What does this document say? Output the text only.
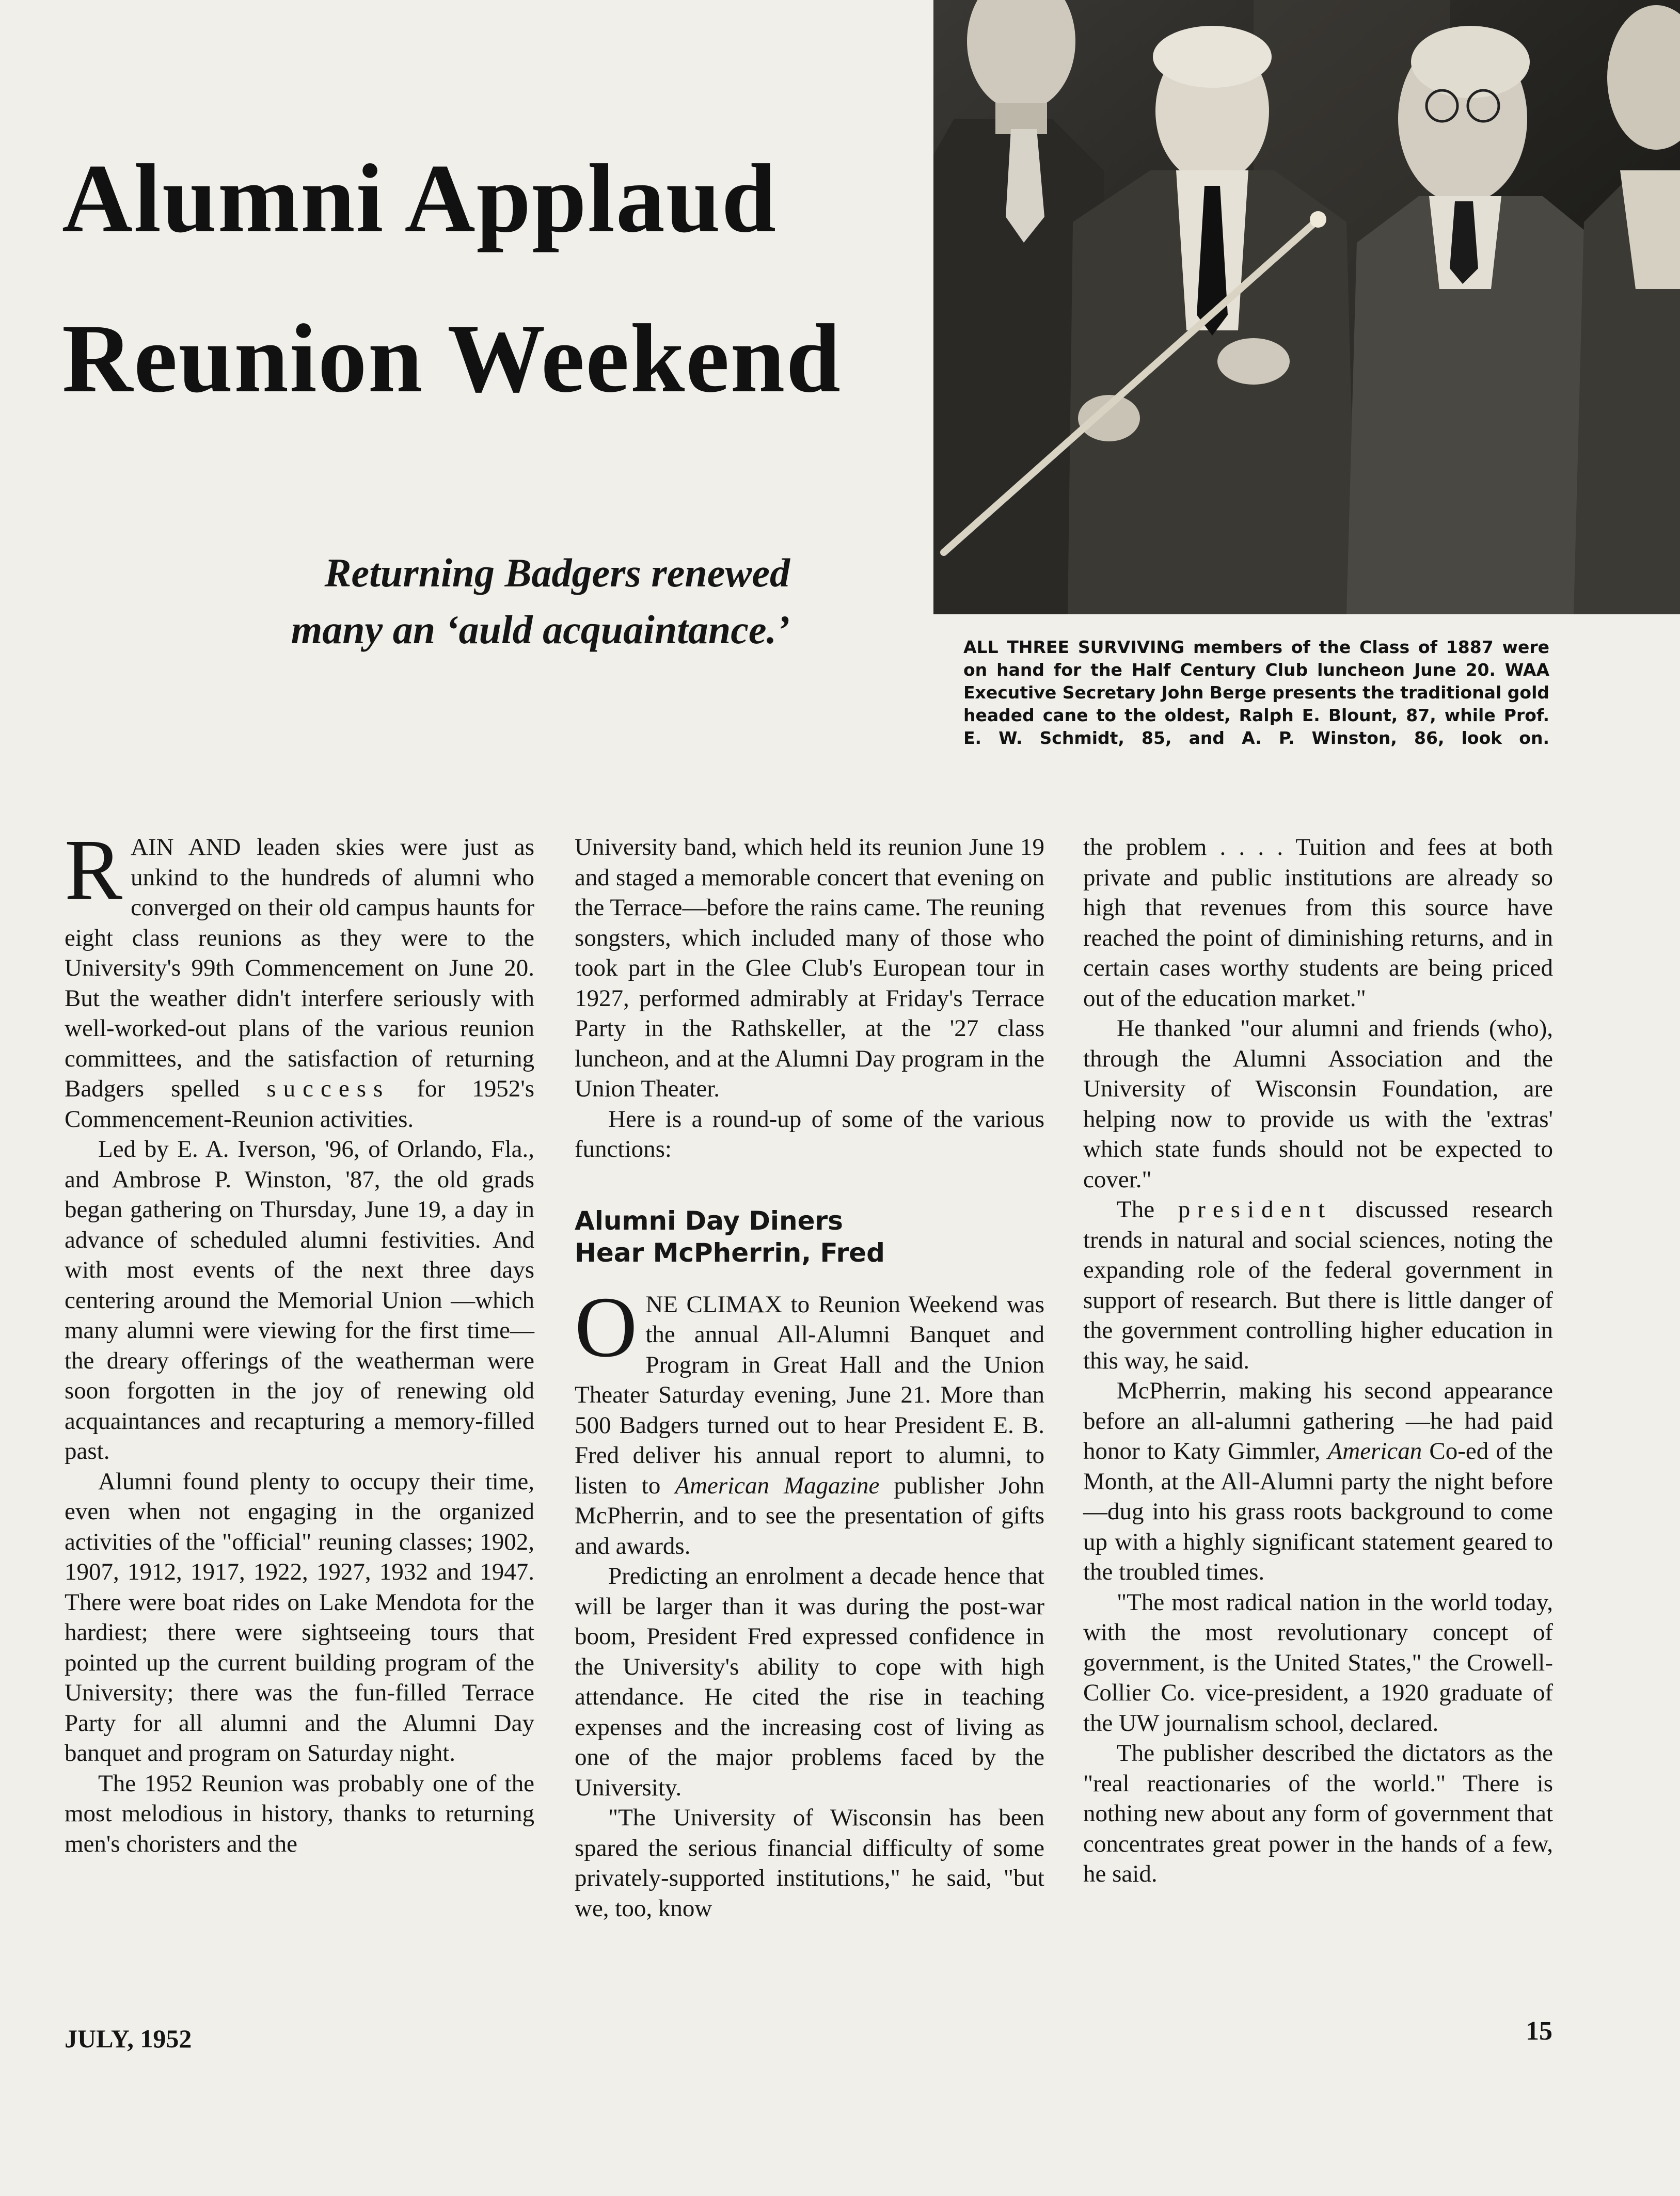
Alumni Applaud
Reunion Weekend
Returning Badgers renewed
many an ‘auld acquaintance.’	ALL THREE SURVIVING members of the Class of 1887 were on hand for the Half Century Club luncheon June 20. WAA Executive Secretary John Berge presents the traditional gold headed cane to the oldest, Ralph E. Blount, 87, while Prof. E. W. Schmidt, 85, and A. P. Winston, 86, look on.

RAIN AND leaden skies were just as unkind to the hundreds of alumni who converged on their old campus haunts for eight class reunions as they were to the University's 99th Commencement on June 20. But the weather didn't interfere seriously with well-worked-out plans of the various reunion committees, and the satisfaction of returning Badgers spelled success for 1952's Commencement-Reunion activities.

Led by E. A. Iverson, '96, of Orlando, Fla., and Ambrose P. Winston, '87, the old grads began gathering on Thursday, June 19, a day in advance of scheduled alumni festivities. And with most events of the next three days centering around the Memorial Union —which many alumni were viewing for the first time—the dreary offerings of the weatherman were soon forgotten in the joy of renewing old acquaintances and recapturing a memory-filled past.

Alumni found plenty to occupy their time, even when not engaging in the organized activities of the "official" reuning classes; 1902, 1907, 1912, 1917, 1922, 1927, 1932 and 1947. There were boat rides on Lake Mendota for the hardiest; there were sightseeing tours that pointed up the current building program of the University; there was the fun-filled Terrace Party for all alumni and the Alumni Day banquet and program on Saturday night.

The 1952 Reunion was probably one of the most melodious in history, thanks to returning men's choristers and the

University band, which held its reunion June 19 and staged a memorable concert that evening on the Terrace—before the rains came. The reuning songsters, which included many of those who took part in the Glee Club's European tour in 1927, performed admirably at Friday's Terrace Party in the Rathskeller, at the '27 class luncheon, and at the Alumni Day program in the Union Theater.

Here is a round-up of some of the various functions:

Alumni Day Diners
Hear McPherrin, Fred

ONE CLIMAX to Reunion Weekend was the annual All-Alumni Banquet and Program in Great Hall and the Union Theater Saturday evening, June 21. More than 500 Badgers turned out to hear President E. B. Fred deliver his annual report to alumni, to listen to American Magazine publisher John McPherrin, and to see the presentation of gifts and awards.

Predicting an enrolment a decade hence that will be larger than it was during the post-war boom, President Fred expressed confidence in the University's ability to cope with high attendance. He cited the rise in teaching expenses and the increasing cost of living as one of the major problems faced by the University.

"The University of Wisconsin has been spared the serious financial difficulty of some privately-supported institutions," he said, "but we, too, know

the problem . . . . Tuition and fees at both private and public institutions are already so high that revenues from this source have reached the point of diminishing returns, and in certain cases worthy students are being priced out of the education market."

He thanked "our alumni and friends (who), through the Alumni Association and the University of Wisconsin Foundation, are helping now to provide us with the 'extras' which state funds should not be expected to cover."

The president discussed research trends in natural and social sciences, noting the expanding role of the federal government in support of research. But there is little danger of the government controlling higher education in this way, he said.

McPherrin, making his second appearance before an all-alumni gathering —he had paid honor to Katy Gimmler, American Co-ed of the Month, at the All-Alumni party the night before—dug into his grass roots background to come up with a highly significant statement geared to the troubled times.

"The most radical nation in the world today, with the most revolutionary concept of government, is the United States," the Crowell-Collier Co. vice-president, a 1920 graduate of the UW journalism school, declared.

The publisher described the dictators as the "real reactionaries of the world." There is nothing new about any form of government that concentrates great power in the hands of a few, he said.

JULY, 1952	15
